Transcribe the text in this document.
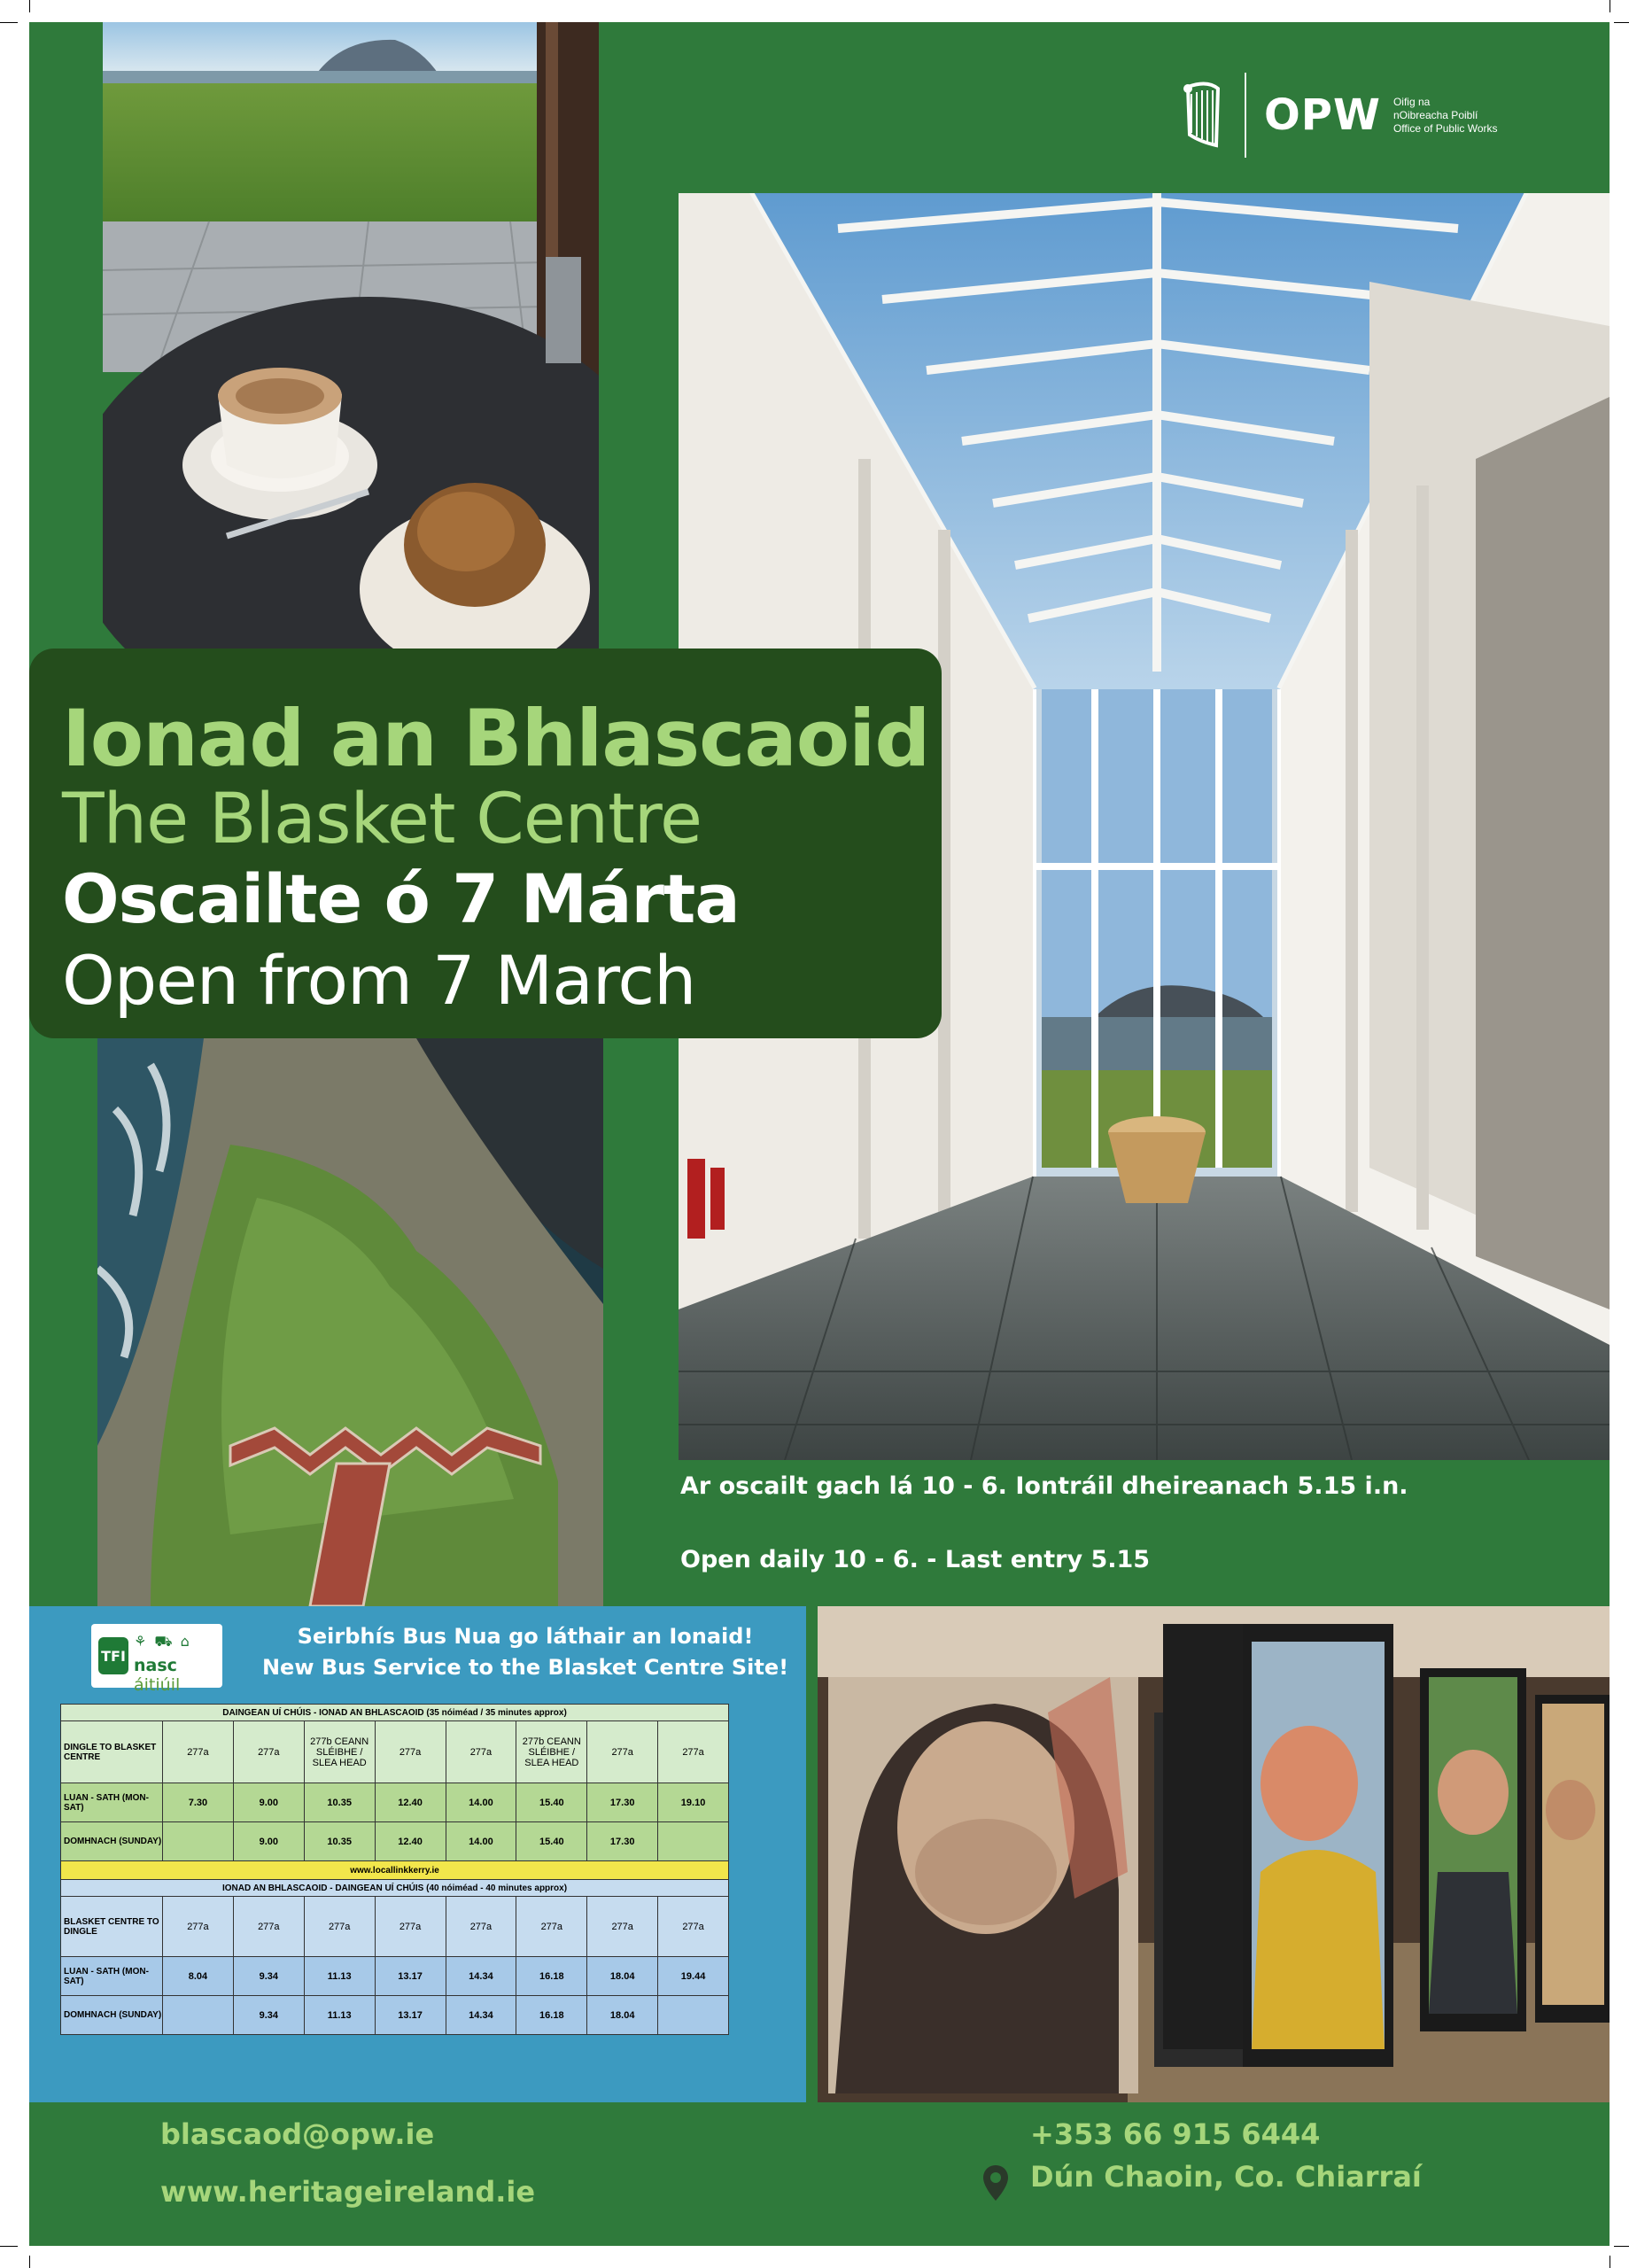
OPW Oifig na
nOibreacha Poiblí
Office of Public Works
Ionad an Bhlascaoid
The Blasket Centre
Oscailte ó 7 Márta
Open from 7 March
Ar oscailt gach lá 10 - 6. Iontráil dheireanach 5.15 i.n.
Open daily 10 - 6. - Last entry 5.15
TFI
⚘ ⛟ ⌂
nasc áitiúil
Seirbhís Bus Nua go láthair an Ionaid!
New Bus Service to the Blasket Centre Site!
DAINGEAN UÍ CHÚIS - IONAD AN BHLASCAOID (35 nóiméad / 35 minutes approx)								
DINGLE TO BLASKET CENTRE	277a	277a	277b CEANN SLÉIBHE / SLEA HEAD	277a	277a	277b CEANN SLÉIBHE / SLEA HEAD	277a	277a
LUAN - SATH (MON-SAT)	7.30	9.00	10.35	12.40	14.00	15.40	17.30	19.10
DOMHNACH (SUNDAY)		9.00	10.35	12.40	14.00	15.40	17.30	
www.locallinkkerry.ie								
IONAD AN BHLASCAOID - DAINGEAN UÍ CHÚIS (40 nóiméad - 40 minutes approx)								
BLASKET CENTRE TO DINGLE	277a	277a	277a	277a	277a	277a	277a	277a
LUAN - SATH (MON-SAT)	8.04	9.34	11.13	13.17	14.34	16.18	18.04	19.44
DOMHNACH (SUNDAY)		9.34	11.13	13.17	14.34	16.18	18.04	
blascaod@opw.ie
www.heritageireland.ie
+353 66 915 6444
Dún Chaoin, Co. Chiarraí
